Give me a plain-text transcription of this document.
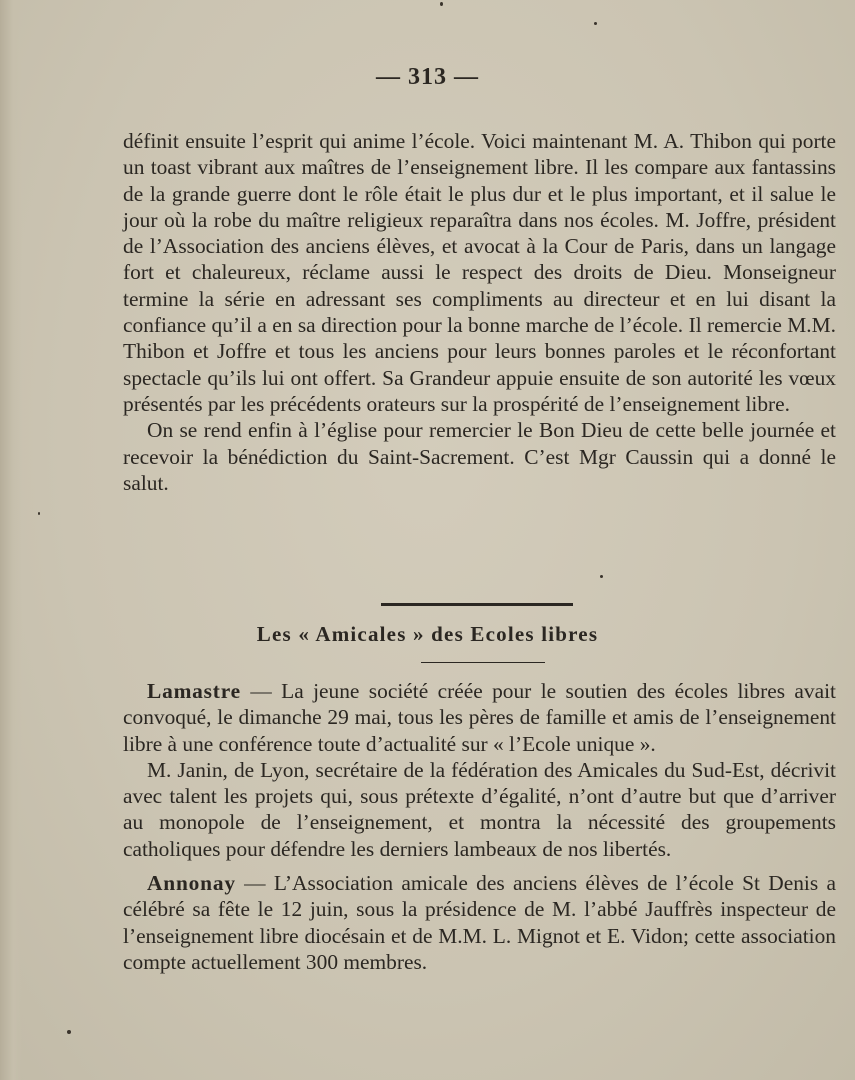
— 313 —

définit ensuite l’esprit qui anime l’école. Voici maintenant M. A. Thibon qui porte un toast vibrant aux maîtres de l’enseignement libre. Il les compare aux fantassins de la grande guerre dont le rôle était le plus dur et le plus important, et il salue le jour où la robe du maître religieux reparaîtra dans nos écoles. M. Joffre, président de l’Association des anciens élèves, et avocat à la Cour de Paris, dans un langage fort et chaleureux, réclame aussi le respect des droits de Dieu. Monseigneur termine la série en adressant ses compliments au directeur et en lui disant la confiance qu’il a en sa direction pour la bonne marche de l’école. Il remercie M.M. Thibon et Joffre et tous les anciens pour leurs bonnes paroles et le réconfortant spectacle qu’ils lui ont offert. Sa Grandeur appuie ensuite de son autorité les vœux présentés par les précédents orateurs sur la prospérité de l’enseignement libre.

On se rend enfin à l’église pour remercier le Bon Dieu de cette belle journée et recevoir la bénédiction du Saint-Sacrement. C’est Mgr Caussin qui a donné le salut.

Les « Amicales » des Ecoles libres

Lamastre — La jeune société créée pour le soutien des écoles libres avait convoqué, le dimanche 29 mai, tous les pères de famille et amis de l’enseignement libre à une conférence toute d’actualité sur « l’Ecole unique ».

M. Janin, de Lyon, secrétaire de la fédération des Amicales du Sud-Est, décrivit avec talent les projets qui, sous prétexte d’égalité, n’ont d’autre but que d’arriver au monopole de l’enseignement, et montra la nécessité des groupements catholiques pour défendre les derniers lambeaux de nos libertés.

Annonay — L’Association amicale des anciens élèves de l’école St Denis a célébré sa fête le 12 juin, sous la présidence de M. l’abbé Jauffrès inspecteur de l’enseignement libre diocésain et de M.M. L. Mignot et E. Vidon; cette association compte actuellement 300 membres.
